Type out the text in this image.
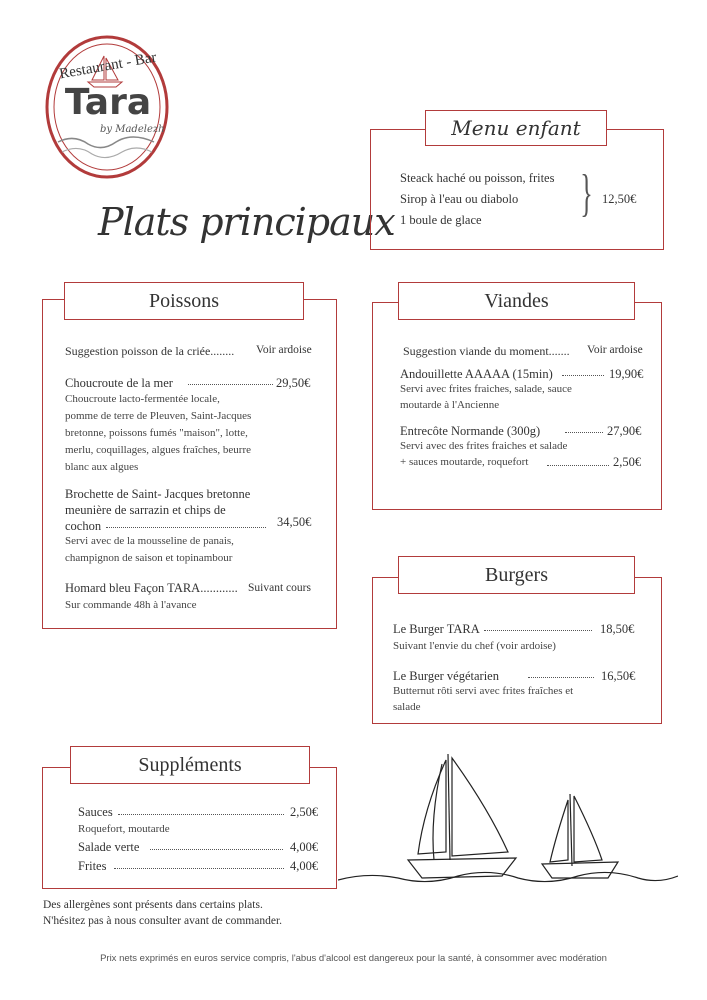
Restaurant - Bar
Tara
by Madelezh
Plats principaux
Menu enfant
Steack haché ou poisson, frites
Sirop à l'eau ou diabolo
1 boule de glace } 12,50€
Poissons
Suggestion poisson de la criée........ Voir ardoise
Choucroute de la mer	29,50€
Choucroute lacto-fermentée locale,
pomme de terre de Pleuven, Saint-Jacques
bretonne, poissons fumés "maison", lotte,
merlu, coquillages, algues fraîches, beurre
blanc aux algues
Brochette de Saint- Jacques bretonne
meunière de sarrazin et chips de
cochon	34,50€
Servi avec de la mousseline de panais,
champignon de saison et topinambour
Homard bleu Façon TARA............ Suivant cours
Sur commande 48h à l'avance
Viandes
Suggestion viande du moment....... Voir ardoise
Andouillette AAAAA (15min)	19,90€
Servi avec frites fraiches, salade, sauce
moutarde à l'Ancienne
Entrecôte Normande (300g)	27,90€
Servi avec des frites fraiches et salade
+ sauces moutarde, roquefort	2,50€
Burgers
Le Burger TARA	18,50€
Suivant l'envie du chef (voir ardoise)
Le Burger végétarien	16,50€
Butternut rôti servi avec frites fraîches et
salade
Suppléments
Sauces	2,50€
Roquefort, moutarde
Salade verte	4,00€
Frites	4,00€
Des allergènes sont présents dans certains plats.
N'hésitez pas à nous consulter avant de commander.
Prix nets exprimés en euros service compris, l'abus d'alcool est dangereux pour la santé, à consommer avec modération
